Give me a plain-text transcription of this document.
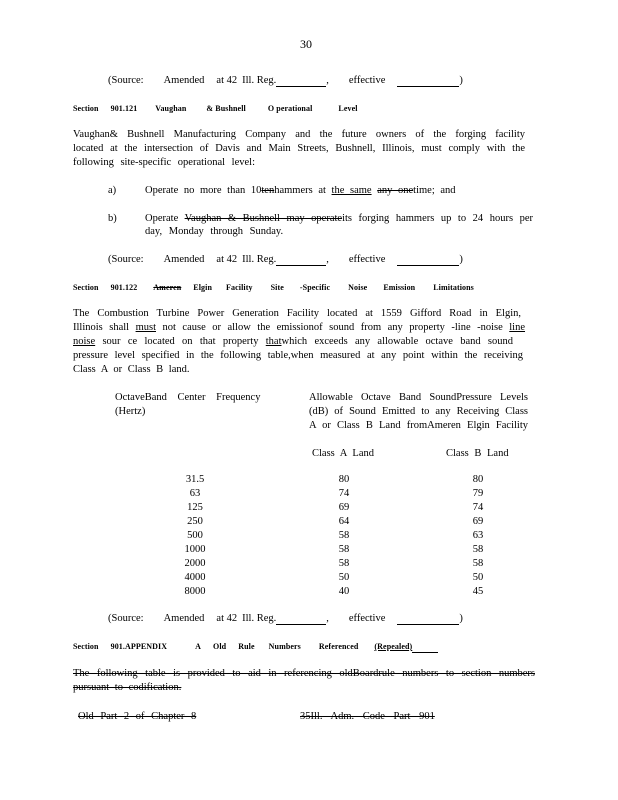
30
(Source: Amended at 42 Ill. Reg.	, effective	)
Section 901.121 Vaughan	& Bushnell	O perational	Level
Vaughan& Bushnell Manufacturing Company and the future owners of the forging facility
located at the intersection of Davis and Main Streets, Bushnell, Illinois, must comply with the
following site-specific operational level:
a)	Operate no more than 10tenhammers at the same any onetime; and
b)	Operate Vaughan & Bushnell may operateits forging hammers up to 24 hours per
day, Monday through Sunday.
(Source: Amended at 42 Ill. Reg.	, effective	)
Section 901.122 Ameren Elgin Facility Site -Specific Noise Emission Limitations
The Combustion Turbine Power Generation Facility located at 1559 Gifford Road in Elgin,
Illinois shall must not cause or allow the emissionof sound from any property -line -noise line
noise sour ce located on that property thatwhich exceeds any allowable octave band sound
pressure level specified in the following table,when measured at any point within the receiving
Class A or Class B land.
OctaveBand Center Frequency
(Hertz)
Allowable Octave Band SoundPressure Levels
(dB) of Sound Emitted to any Receiving Class
A or Class B Land fromAmeren Elgin Facility
Class A Land	Class B Land
31.5	80	80
63	74	79
125	69	74
250	64	69
500	58	63
1000	58	58
2000	58	58
4000	50	50
8000	40	45
(Source: Amended at 42 Ill. Reg.	, effective	)
Section 901.APPENDIX	A Old Rule Numbers Referenced (Repealed)
The following table is provided to aid in referencing oldBoardrule numbers to section numbers
pursuant to codification.
Old Part 2 of Chapter 8	35Ill. Adm. Code Part 901
